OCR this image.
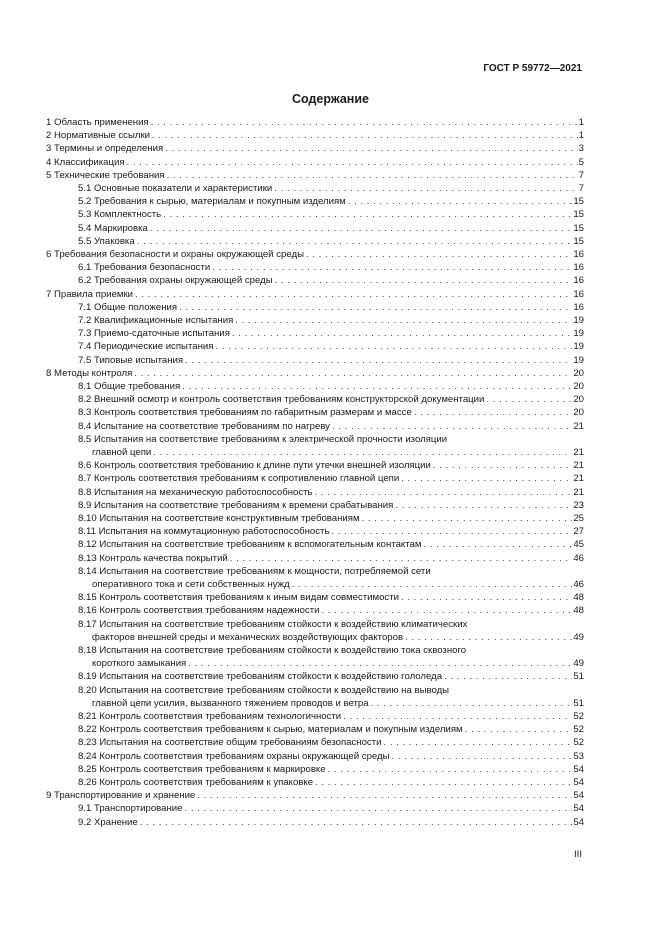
ГОСТ Р 59772—2021
Содержание
1 Область применения . . .	1
2 Нормативные ссылки . . .	1
3 Термины и определения . . .	3
4 Классификация . . .	5
5 Технические требования . . .	7
5.1 Основные показатели и характеристики . . .	7
5.2 Требования к сырью, материалам и покупным изделиям . . .	15
5.3 Комплектность . . .	15
5.4 Маркировка . . .	15
5.5 Упаковка . . .	15
6 Требования безопасности и охраны окружающей среды . . .	16
6.1 Требования безопасности . . .	16
6.2 Требования охраны окружающей среды . . .	16
7 Правила приемки . . .	16
7.1 Общие положения . . .	16
7.2 Квалификационные испытания . . .	19
7.3 Приемо-сдаточные испытания . . .	19
7.4 Периодические испытания . . .	19
7.5 Типовые испытания . . .	19
8 Методы контроля . . .	20
8.1 Общие требования . . .	20
8.2 Внешний осмотр и контроль соответствия требованиям конструкторской документации . . .	20
8.3 Контроль соответствия требованиям по габаритным размерам и массе . . .	20
8.4 Испытание на соответствие требованиям по нагреву . . .	21
8.5 Испытания на соответствие требованиям к электрической прочности изоляции
главной цепи . . .	21
8.6 Контроль соответствия требованию к длине пути утечки внешней изоляции . . .	21
8.7 Контроль соответствия требованиям к сопротивлению главной цепи . . .	21
8.8 Испытания на механическую работоспособность . . .	21
8.9 Испытания на соответствие требованиям к времени срабатывания . . .	23
8.10 Испытания на соответствие конструктивным требованиям . . .	25
8.11 Испытания на коммутационную работоспособность . . .	27
8.12 Испытания на соответствие требованиям к вспомогательным контактам . . .	45
8.13 Контроль качества покрытий . . .	46
8.14 Испытания на соответствие требованиям к мощности, потребляемой сети
оперативного тока и сети собственных нужд . . .	46
8.15 Контроль соответствия требованиям к иным видам совместимости . . .	48
8.16 Контроль соответствия требованиям надежности . . .	48
8.17 Испытания на соответствие требованиям стойкости к воздействию климатических
факторов внешней среды и механических воздействующих факторов . . .	49
8.18 Испытания на соответствие требованиям стойкости к воздействию тока сквозного
короткого замыкания . . .	49
8.19 Испытания на соответствие требованиям стойкости к воздействию гололеда . . .	51
8.20 Испытания на соответствие требованиям стойкости к воздействию на выводы
главной цепи усилия, вызванного тяжением проводов и ветра . . .	51
8.21 Контроль соответствия требованиям технологичности . . .	52
8.22 Контроль соответствия требованиям к сырью, материалам и покупным изделиям . . .	52
8.23 Испытания на соответствие общим требованиям безопасности . . .	52
8.24 Контроль соответствия требованиям охраны окружающей среды . . .	53
8.25 Контроль соответствия требованиям к маркировке . . .	54
8.26 Контроль соответствия требованиям к упаковке . . .	54
9 Транспортирование и хранение . . .	54
9.1 Транспортирование . . .	54
9.2 Хранение . . .	54
III
